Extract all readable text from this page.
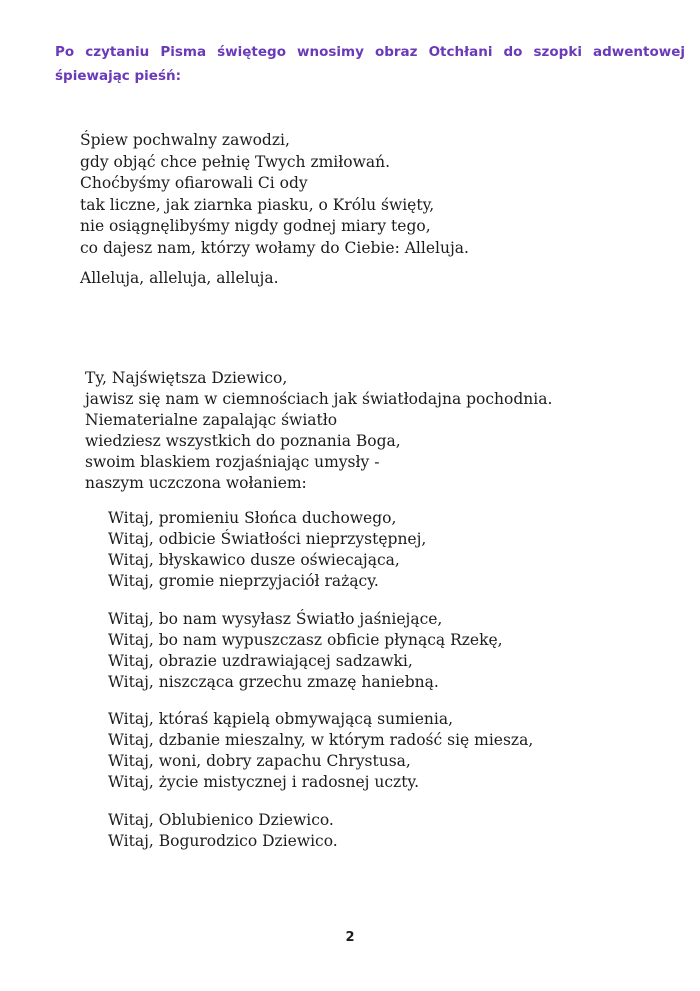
Po czytaniu Pisma świętego wnosimy obraz Otchłani do szopki adwentowej śpiewając pieśń:
Śpiew pochwalny zawodzi,
gdy objąć chce pełnię Twych zmiłowań.
Choćbyśmy ofiarowali Ci ody
tak liczne, jak ziarnka piasku, o Królu święty,
nie osiągnęlibyśmy nigdy godnej miary tego,
co dajesz nam, którzy wołamy do Ciebie: Alleluja.
Alleluja, alleluja, alleluja.
Ty, Najświętsza Dziewico,
jawisz się nam w ciemnościach jak światłodajna pochodnia.
Niematerialne zapalając światło
wiedziesz wszystkich do poznania Boga,
swoim blaskiem rozjaśniając umysły -
naszym uczczona wołaniem:
Witaj, promieniu Słońca duchowego,
Witaj, odbicie Światłości nieprzystępnej,
Witaj, błyskawico dusze oświecająca,
Witaj, gromie nieprzyjaciół rażący.
Witaj, bo nam wysyłasz Światło jaśniejące,
Witaj, bo nam wypuszczasz obficie płynącą Rzekę,
Witaj, obrazie uzdrawiającej sadzawki,
Witaj, niszcząca grzechu zmazę haniebną.
Witaj, któraś kąpielą obmywającą sumienia,
Witaj, dzbanie mieszalny, w którym radość się miesza,
Witaj, woni, dobry zapachu Chrystusa,
Witaj, życie mistycznej i radosnej uczty.
Witaj, Oblubienico Dziewico.
Witaj, Bogurodzico Dziewico.
2
